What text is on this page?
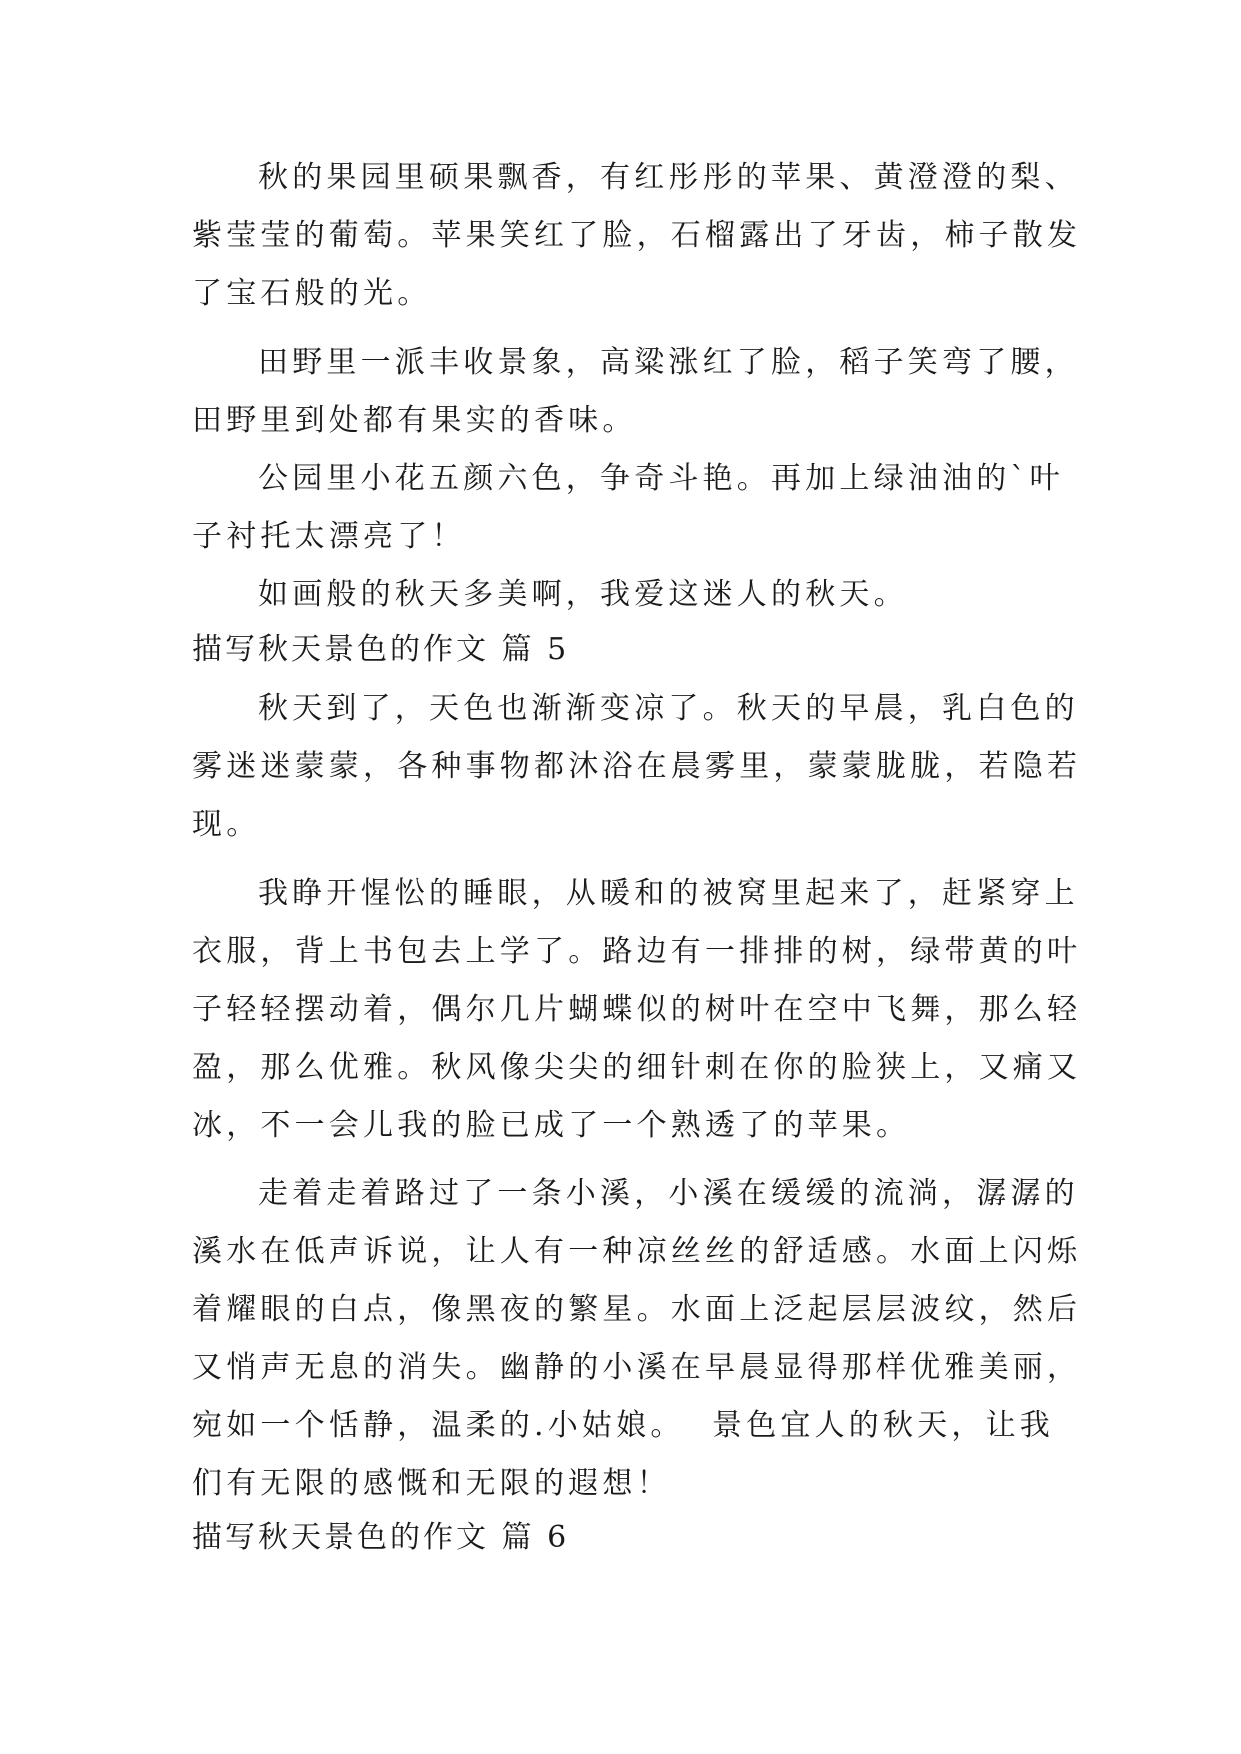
秋的果园里硕果飘香，有红彤彤的苹果、黄澄澄的梨、
紫莹莹的葡萄。苹果笑红了脸，石榴露出了牙齿，柿子散发
了宝石般的光。
田野里一派丰收景象，高粱涨红了脸，稻子笑弯了腰，
田野里到处都有果实的香味。
公园里小花五颜六色，争奇斗艳。再加上绿油油的`叶
子衬托太漂亮了！
如画般的秋天多美啊，我爱这迷人的秋天。
描写秋天景色的作文 篇 5
秋天到了，天色也渐渐变凉了。秋天的早晨，乳白色的
雾迷迷蒙蒙，各种事物都沐浴在晨雾里，蒙蒙胧胧，若隐若
现。
我睁开惺忪的睡眼，从暖和的被窝里起来了，赶紧穿上
衣服，背上书包去上学了。路边有一排排的树，绿带黄的叶
子轻轻摆动着，偶尔几片蝴蝶似的树叶在空中飞舞，那么轻
盈，那么优雅。秋风像尖尖的细针刺在你的脸狭上，又痛又
冰，不一会儿我的脸已成了一个熟透了的苹果。
走着走着路过了一条小溪，小溪在缓缓的流淌，潺潺的
溪水在低声诉说，让人有一种凉丝丝的舒适感。水面上闪烁
着耀眼的白点，像黑夜的繁星。水面上泛起层层波纹，然后
又悄声无息的消失。幽静的小溪在早晨显得那样优雅美丽，
宛如一个恬静，温柔的.小姑娘。  景色宜人的秋天，让我
们有无限的感慨和无限的遐想！
描写秋天景色的作文 篇 6
